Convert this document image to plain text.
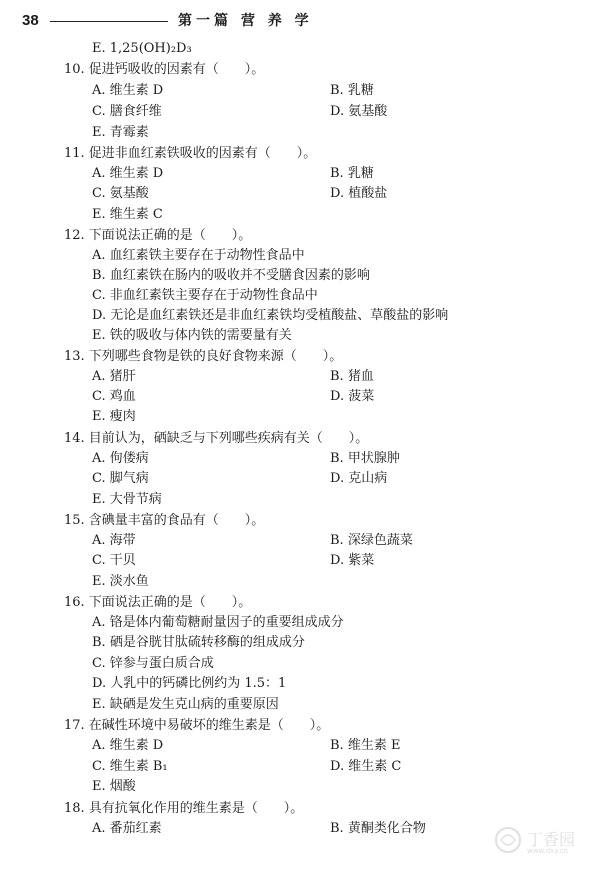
38	第一篇 营 养 学
E. 1,25(OH)₂D₃
10. 促进钙吸收的因素有（　　）。
A. 维生素 D	B. 乳糖
C. 膳食纤维	D. 氨基酸
E. 青霉素
11. 促进非血红素铁吸收的因素有（　　）。
A. 维生素 D	B. 乳糖
C. 氨基酸	D. 植酸盐
E. 维生素 C
12. 下面说法正确的是（　　）。
A. 血红素铁主要存在于动物性食品中
B. 血红素铁在肠内的吸收并不受膳食因素的影响
C. 非血红素铁主要存在于动物性食品中
D. 无论是血红素铁还是非血红素铁均受植酸盐、草酸盐的影响
E. 铁的吸收与体内铁的需要量有关
13. 下列哪些食物是铁的良好食物来源（　　）。
A. 猪肝	B. 猪血
C. 鸡血	D. 菠菜
E. 瘦肉
14. 目前认为，硒缺乏与下列哪些疾病有关（　　）。
A. 佝偻病	B. 甲状腺肿
C. 脚气病	D. 克山病
E. 大骨节病
15. 含碘量丰富的食品有（　　）。
A. 海带	B. 深绿色蔬菜
C. 干贝	D. 紫菜
E. 淡水鱼
16. 下面说法正确的是（　　）。
A. 铬是体内葡萄糖耐量因子的重要组成成分
B. 硒是谷胱甘肽硫转移酶的组成成分
C. 锌参与蛋白质合成
D. 人乳中的钙磷比例约为 1.5：1
E. 缺硒是发生克山病的重要原因
17. 在碱性环境中易破坏的维生素是（　　）。
A. 维生素 D	B. 维生素 E
C. 维生素 B₁	D. 维生素 C
E. 烟酸
18. 具有抗氧化作用的维生素是（　　）。
A. 番茄红素	B. 黄酮类化合物
丁香园
www.dxy.cn
